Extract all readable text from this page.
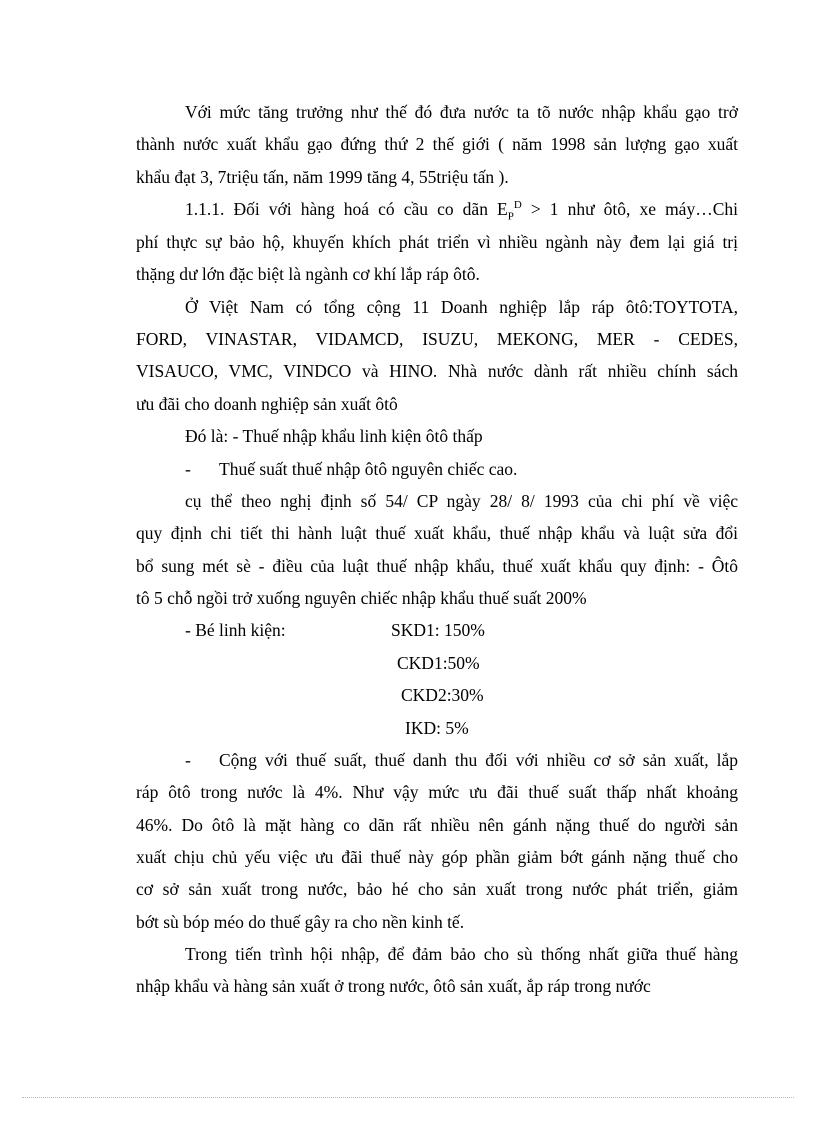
Với mức tăng trưởng như thế đó đưa nước ta tõ nước nhập khẩu gạo trở

thành nước xuất khẩu gạo đứng thứ 2 thế giới ( năm 1998 sản lượng gạo xuất

khẩu đạt 3, 7triệu tấn, năm 1999 tăng 4, 55triệu tấn ).

1.1.1. Đối với hàng hoá có cầu co dãn $E_P^D > 1$ như ôtô, xe máy…Chi

phí thực sự bảo hộ, khuyến khích phát triển vì nhiều ngành này đem lại giá trị

thặng dư lớn đặc biệt là ngành cơ khí lắp ráp ôtô.

Ở Việt Nam có tổng cộng 11 Doanh nghiệp lắp ráp ôtô:TOYTOTA,

FORD, VINASTAR, VIDAMCD, ISUZU, MEKONG, MER - CEDES,

VISAUCO, VMC, VINDCO và HINO. Nhà nước dành rất nhiều chính sách

ưu đãi cho doanh nghiệp sản xuất ôtô

Đó là: - Thuế nhập khẩu linh kiện ôtô thấp

- Thuế suất thuế nhập ôtô nguyên chiếc cao.

cụ thể theo nghị định số 54/ CP ngày 28/ 8/ 1993 của chi phí về việc

quy định chi tiết thi hành luật thuế xuất khẩu, thuế nhập khẩu và luật sửa đổi

bổ sung mét sè - điều của luật thuế nhập khẩu, thuế xuất khẩu quy định: - Ôtô

tô 5 chỗ ngồi trở xuống nguyên chiếc nhập khẩu thuế suất 200%

- Bé linh kiện:	SKD1: 150%
CKD1:50%
CKD2:30%
IKD: 5%
- Cộng với thuế suất, thuế danh thu đối với nhiều cơ sở sản xuất, lắp

ráp ôtô trong nước là 4%. Như vậy mức ưu đãi thuế suất thấp nhất khoảng

46%. Do ôtô là mặt hàng co dãn rất nhiều nên gánh nặng thuế do người sản

xuất chịu chủ yếu việc ưu đãi thuế này góp phần giảm bớt gánh nặng thuế cho

cơ sở sản xuất trong nước, bảo hé cho sản xuất trong nước phát triển, giảm

bớt sù bóp méo do thuế gây ra cho nền kinh tế.

Trong tiến trình hội nhập, để đảm bảo cho sù thống nhất giữa thuế hàng

nhập khẩu và hàng sản xuất ở trong nước, ôtô sản xuất, ắp ráp trong nước
